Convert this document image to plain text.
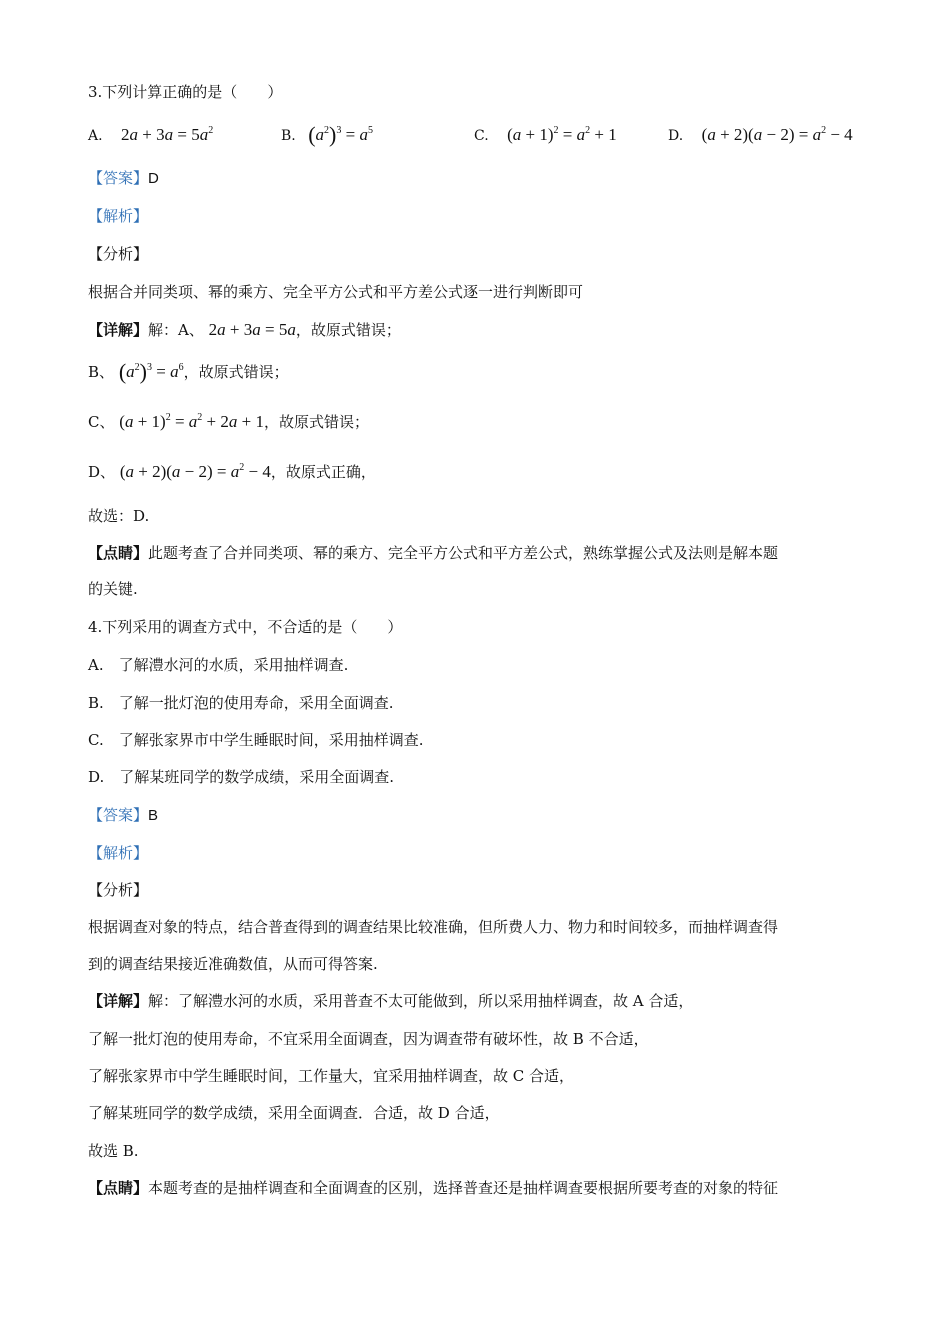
3.下列计算正确的是（　　）
A. $2a + 3a = 5a^2$	B. $(a^2)^3 = a^5$	C. $(a + 1)^2 = a^2 + 1$	D. $(a + 2)(a - 2) = a^2 - 4$
【答案】D
【解析】
【分析】
根据合并同类项、幂的乘方、完全平方公式和平方差公式逐一进行判断即可
【详解】解：A、 2a + 3a = 5a，故原式错误；
B、 $(a^2)^3 = a^6$，故原式错误；
C、 $(a + 1)^2 = a^2 + 2a + 1$，故原式错误；
D、 $(a + 2)(a - 2) = a^2 - 4$，故原式正确，
故选：D.
【点睛】此题考查了合并同类项、幂的乘方、完全平方公式和平方差公式，熟练掌握公式及法则是解本题
的关键.
4.下列采用的调查方式中，不合适的是（　　）
A.　了解澧水河的水质，采用抽样调查.
B.　了解一批灯泡的使用寿命，采用全面调查.
C.　了解张家界市中学生睡眠时间，采用抽样调查.
D.　了解某班同学的数学成绩，采用全面调查.
【答案】B
【解析】
【分析】
根据调查对象的特点，结合普查得到的调查结果比较准确，但所费人力、物力和时间较多，而抽样调查得
到的调查结果接近准确数值，从而可得答案.
【详解】解：了解澧水河的水质，采用普查不太可能做到，所以采用抽样调查，故 A 合适，
了解一批灯泡的使用寿命，不宜采用全面调查，因为调查带有破坏性，故 B 不合适，
了解张家界市中学生睡眠时间，工作量大，宜采用抽样调查，故 C 合适，
了解某班同学的数学成绩，采用全面调查．合适，故 D 合适，
故选 B.
【点睛】本题考查的是抽样调查和全面调查的区别，选择普查还是抽样调查要根据所要考查的对象的特征
